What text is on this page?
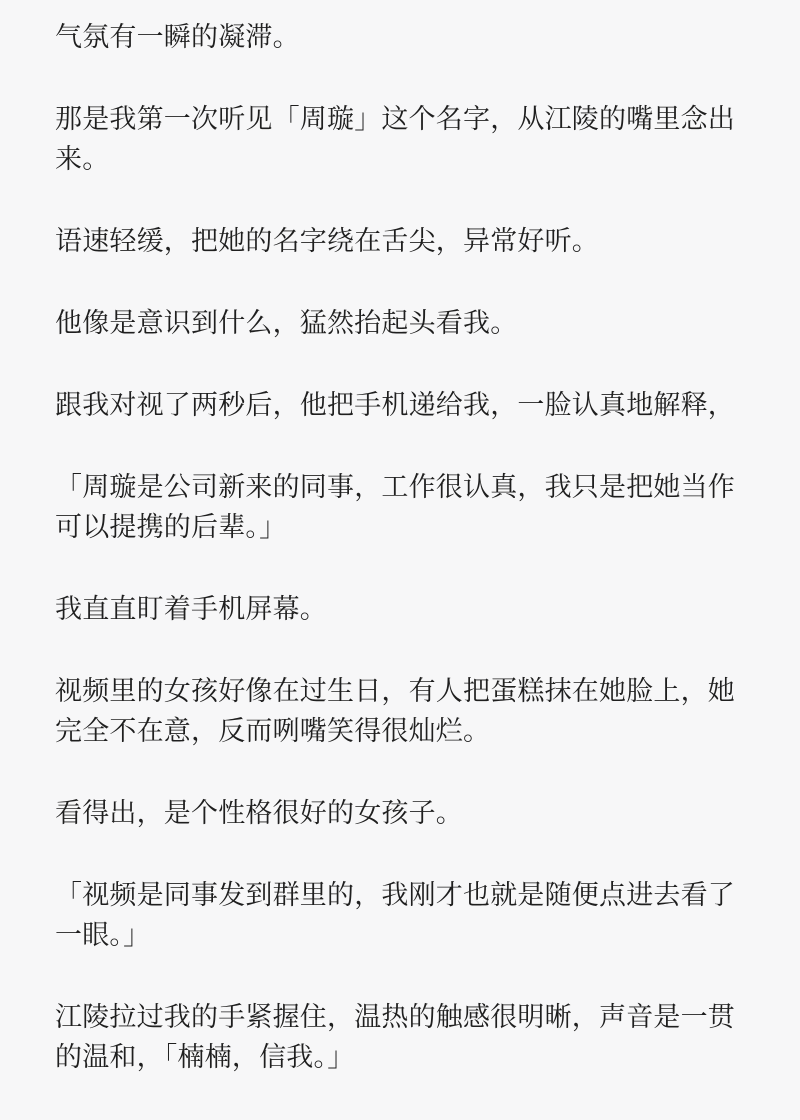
气氛有一瞬的凝滞。

那是我第一次听见「周璇」这个名字，从江陵的嘴里念出来。

语速轻缓，把她的名字绕在舌尖，异常好听。

他像是意识到什么，猛然抬起头看我。

跟我对视了两秒后，他把手机递给我，一脸认真地解释，

「周璇是公司新来的同事，工作很认真，我只是把她当作可以提携的后辈。」

我直直盯着手机屏幕。

视频里的女孩好像在过生日，有人把蛋糕抹在她脸上，她完全不在意，反而咧嘴笑得很灿烂。

看得出，是个性格很好的女孩子。

「视频是同事发到群里的，我刚才也就是随便点进去看了一眼。」

江陵拉过我的手紧握住，温热的触感很明晰，声音是一贯的温和，「楠楠，信我。」
